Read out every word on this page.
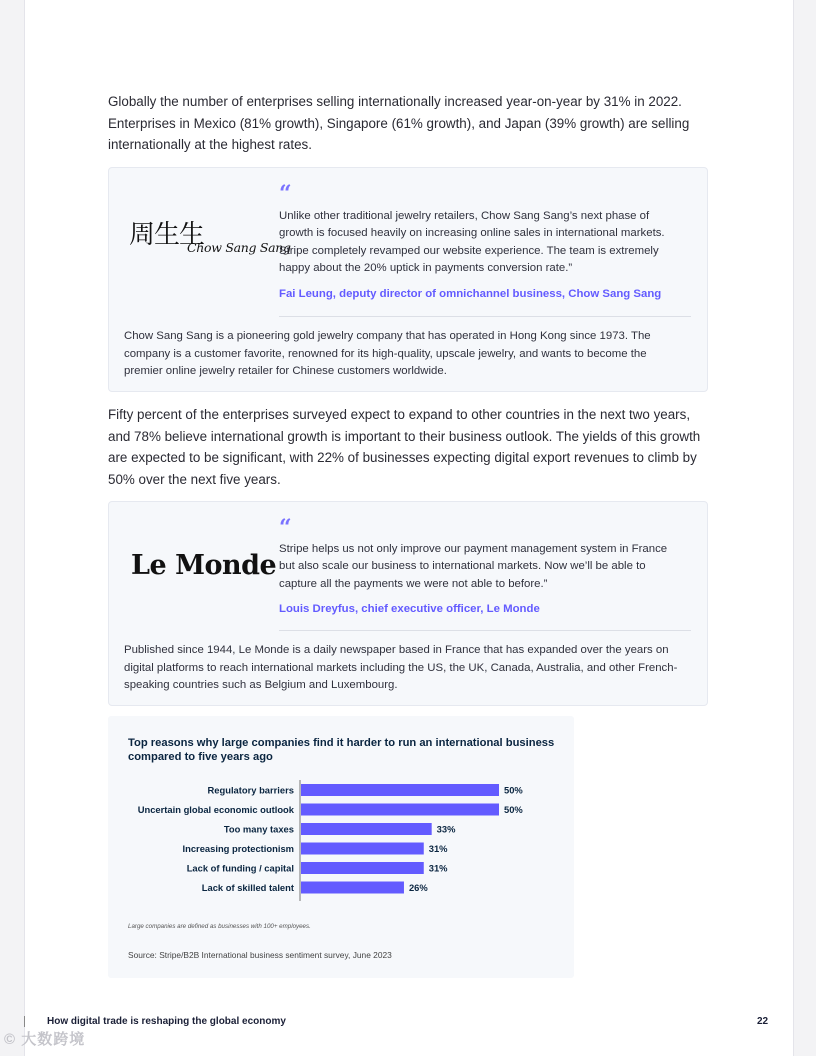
Globally the number of enterprises selling internationally increased year-on-year by 31% in 2022. Enterprises in Mexico (81% growth), Singapore (61% growth), and Japan (39% growth) are selling internationally at the highest rates.

周生生
Chow Sang Sang
“

Unlike other traditional jewelry retailers, Chow Sang Sang’s next phase of growth is focused heavily on increasing online sales in international markets. Stripe completely revamped our website experience. The team is extremely happy about the 20% uptick in payments conversion rate.”

Fai Leung, deputy director of omnichannel business, Chow Sang Sang

Chow Sang Sang is a pioneering gold jewelry company that has operated in Hong Kong since 1973. The company is a customer favorite, renowned for its high-quality, upscale jewelry, and wants to become the premier online jewelry retailer for Chinese customers worldwide.

Fifty percent of the enterprises surveyed expect to expand to other countries in the next two years, and 78% believe international growth is important to their business outlook. The yields of this growth are expected to be significant, with 22% of businesses expecting digital export revenues to climb by 50% over the next five years.

Le Monde
“

Stripe helps us not only improve our payment management system in France but also scale our business to international markets. Now we’ll be able to capture all the payments we were not able to before.”

Louis Dreyfus, chief executive officer, Le Monde

Published since 1944, Le Monde is a daily newspaper based in France that has expanded over the years on digital platforms to reach international markets including the US, the UK, Canada, Australia, and other French-speaking countries such as Belgium and Luxembourg.

Top reasons why large companies find it harder to run an international business compared to five years ago

Regulatory barriers	50%
Uncertain global economic outlook	50%
Too many taxes	33%
Increasing protectionism	31%
Lack of funding / capital	31%
Lack of skilled talent	26%

Large companies are defined as businesses with 100+ employees.

Source: Stripe/B2B International business sentiment survey, June 2023

How digital trade is reshaping the global economy	22

© 大数跨境
